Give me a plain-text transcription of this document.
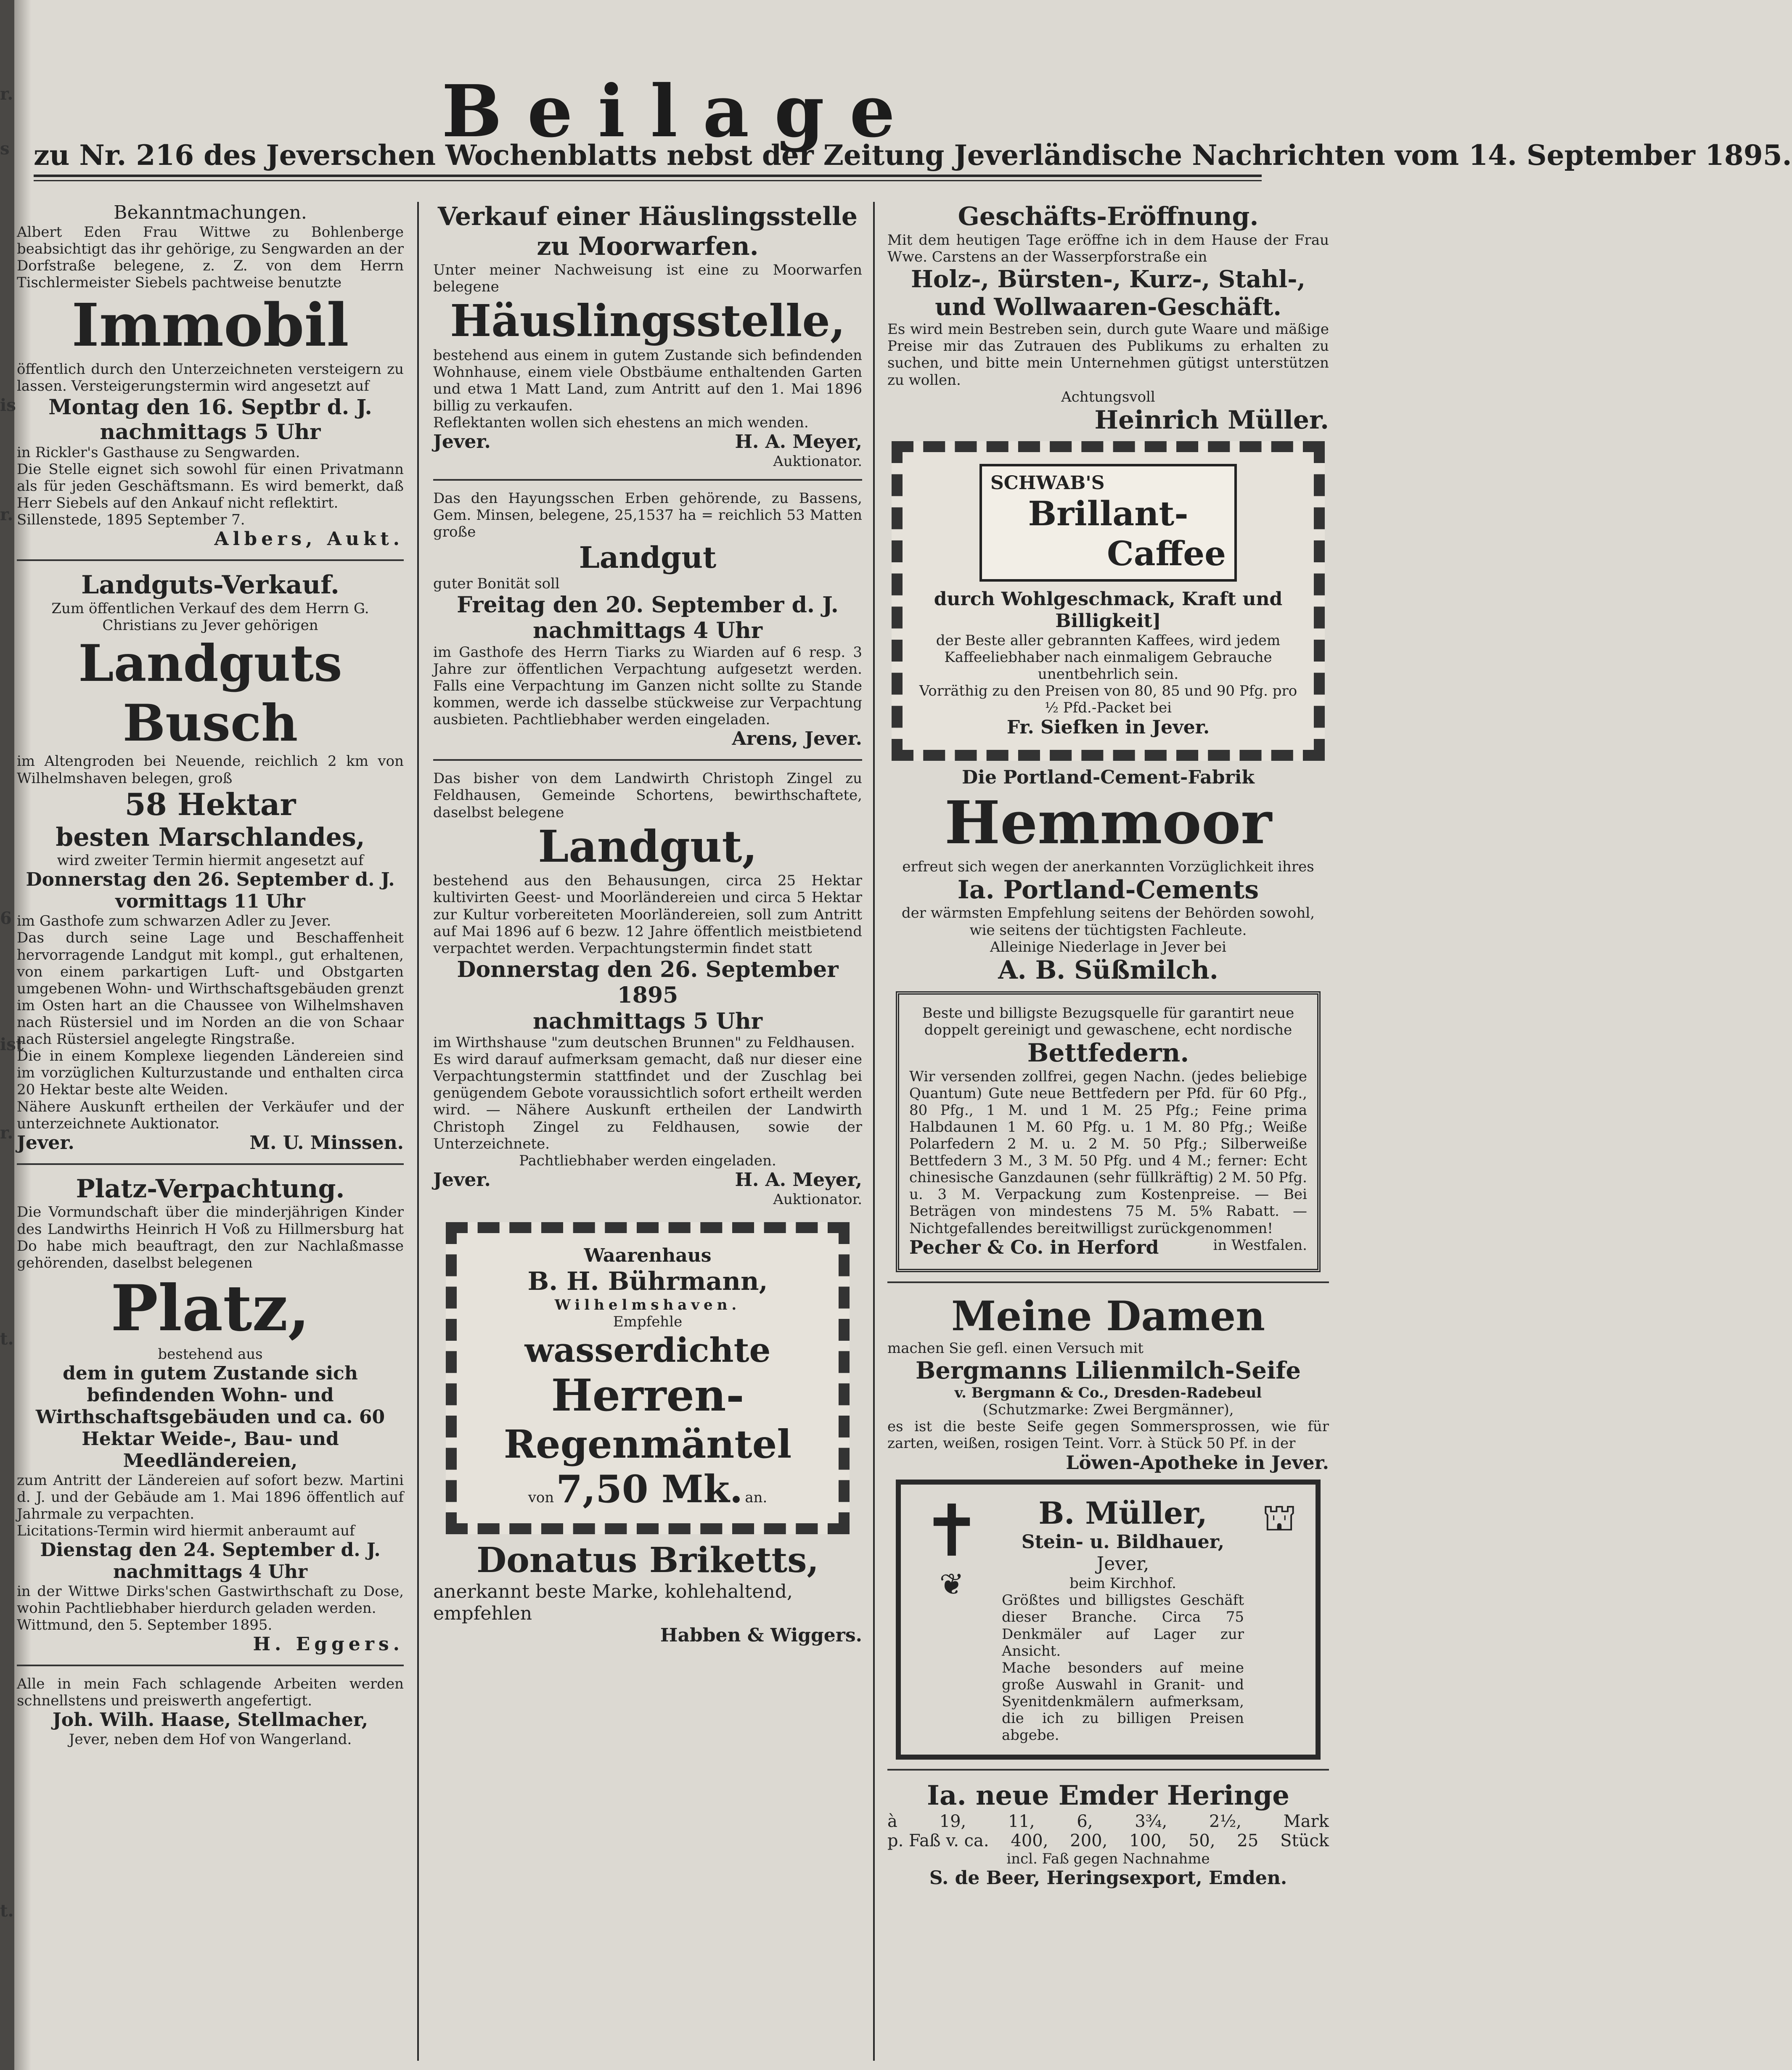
r.
s
is
r.
6
ist
r.
t.
t.
Beilage
zu Nr. 216 des Jeverschen Wochenblatts nebst der Zeitung Jeverländische Nachrichten vom 14. September 1895.
Bekanntmachungen.
Albert Eden Frau Wittwe zu Bohlenberge beabsichtigt das ihr gehörige, zu Sengwarden an der Dorfstraße belegene, z. Z. von dem Herrn Tischlermeister Siebels pachtweise benutzte
Immobil
öffentlich durch den Unterzeichneten versteigern zu lassen. Versteigerungstermin wird angesetzt auf
Montag den 16. Septbr d. J.
nachmittags 5 Uhr
in Rickler's Gasthause zu Sengwarden.
Die Stelle eignet sich sowohl für einen Privatmann als für jeden Geschäftsmann. Es wird bemerkt, daß Herr Siebels auf den Ankauf nicht reflektirt.
Sillenstede, 1895 September 7.
Albers, Aukt.
Landguts-Verkauf.
Zum öffentlichen Verkauf des dem Herrn G. Christians zu Jever gehörigen
Landguts Busch
im Altengroden bei Neuende, reichlich 2 km von Wilhelmshaven belegen, groß
58 Hektar
besten Marschlandes,
wird zweiter Termin hiermit angesetzt auf
Donnerstag den 26. September d. J.
vormittags 11 Uhr
im Gasthofe zum schwarzen Adler zu Jever.
Das durch seine Lage und Beschaffenheit hervorragende Landgut mit kompl., gut erhaltenen, von einem parkartigen Luft- und Obstgarten umgebenen Wohn- und Wirthschaftsgebäuden grenzt im Osten hart an die Chaussee von Wilhelmshaven nach Rüstersiel und im Norden an die von Schaar nach Rüstersiel angelegte Ringstraße.
Die in einem Komplexe liegenden Ländereien sind im vorzüglichen Kulturzustande und enthalten circa 20 Hektar beste alte Weiden.
Nähere Auskunft ertheilen der Verkäufer und der unterzeichnete Auktionator.
Jever.	M. U. Minssen.
Platz-Verpachtung.
Die Vormundschaft über die minderjährigen Kinder des Landwirths Heinrich H Voß zu Hillmersburg hat Do habe mich beauftragt, den zur Nachlaßmasse gehörenden, daselbst belegenen
Platz,
bestehend aus
dem in gutem Zustande sich befindenden Wohn- und Wirthschaftsgebäuden und ca. 60 Hektar Weide-, Bau- und Meedländereien,
zum Antritt der Ländereien auf sofort bezw. Martini d. J. und der Gebäude am 1. Mai 1896 öffentlich auf Jahrmale zu verpachten.
Licitations-Termin wird hiermit anberaumt auf
Dienstag den 24. September d. J.
nachmittags 4 Uhr
in der Wittwe Dirks'schen Gastwirthschaft zu Dose, wohin Pachtliebhaber hierdurch geladen werden.
Wittmund, den 5. September 1895.
H. Eggers.
Alle in mein Fach schlagende Arbeiten werden schnellstens und preiswerth angefertigt.
Joh. Wilh. Haase, Stellmacher,
Jever, neben dem Hof von Wangerland.
Verkauf einer Häuslingsstelle zu Moorwarfen.
Unter meiner Nachweisung ist eine zu Moorwarfen belegene
Häuslingsstelle,
bestehend aus einem in gutem Zustande sich befindenden Wohnhause, einem viele Obstbäume enthaltenden Garten und etwa 1 Matt Land, zum Antritt auf den 1. Mai 1896 billig zu verkaufen.
Reflektanten wollen sich ehestens an mich wenden.
Jever.	H. A. Meyer,
Auktionator.
Das den Hayungsschen Erben gehörende, zu Bassens, Gem. Minsen, belegene, 25,1537 ha = reichlich 53 Matten große
Landgut
guter Bonität soll
Freitag den 20. September d. J.
nachmittags 4 Uhr
im Gasthofe des Herrn Tiarks zu Wiarden auf 6 resp. 3 Jahre zur öffentlichen Verpachtung aufgesetzt werden. Falls eine Verpachtung im Ganzen nicht sollte zu Stande kommen, werde ich dasselbe stückweise zur Verpachtung ausbieten. Pachtliebhaber werden eingeladen.
Arens, Jever.
Das bisher von dem Landwirth Christoph Zingel zu Feldhausen, Gemeinde Schortens, bewirthschaftete, daselbst belegene
Landgut,
bestehend aus den Behausungen, circa 25 Hektar kultivirten Geest- und Moorländereien und circa 5 Hektar zur Kultur vorbereiteten Moorländereien, soll zum Antritt auf Mai 1896 auf 6 bezw. 12 Jahre öffentlich meistbietend verpachtet werden. Verpachtungstermin findet statt
Donnerstag den 26. September 1895
nachmittags 5 Uhr
im Wirthshause "zum deutschen Brunnen" zu Feldhausen.
Es wird darauf aufmerksam gemacht, daß nur dieser eine Verpachtungstermin stattfindet und der Zuschlag bei genügendem Gebote voraussichtlich sofort ertheilt werden wird. — Nähere Auskunft ertheilen der Landwirth Christoph Zingel zu Feldhausen, sowie der Unterzeichnete.
Pachtliebhaber werden eingeladen.
Jever.	H. A. Meyer,
Auktionator.
Waarenhaus
B. H. Bührmann,
Wilhelmshaven.
Empfehle
wasserdichte
Herren-
Regenmäntel
von 7,50 Mk. an.
Donatus Briketts,
anerkannt beste Marke, kohlehaltend, empfehlen
Habben & Wiggers.
Geschäfts-Eröffnung.
Mit dem heutigen Tage eröffne ich in dem Hause der Frau Wwe. Carstens an der Wasserpforstraße ein
Holz-, Bürsten-, Kurz-, Stahl-, und Wollwaaren-Geschäft.
Es wird mein Bestreben sein, durch gute Waare und mäßige Preise mir das Zutrauen des Publikums zu erhalten zu suchen, und bitte mein Unternehmen gütigst unterstützen zu wollen.
Achtungsvoll
Heinrich Müller.
SCHWAB'S
Brillant-
Caffee
durch Wohlgeschmack, Kraft und Billigkeit]
der Beste aller gebrannten Kaffees, wird jedem Kaffeeliebhaber nach einmaligem Gebrauche unentbehrlich sein.
Vorräthig zu den Preisen von 80, 85 und 90 Pfg. pro ½ Pfd.-Packet bei
Fr. Siefken in Jever.
Die Portland-Cement-Fabrik
Hemmoor
erfreut sich wegen der anerkannten Vorzüglichkeit ihres
Ia. Portland-Cements
der wärmsten Empfehlung seitens der Behörden sowohl, wie seitens der tüchtigsten Fachleute.
Alleinige Niederlage in Jever bei
A. B. Süßmilch.
Beste und billigste Bezugsquelle für garantirt neue doppelt gereinigt und gewaschene, echt nordische
Bettfedern.
Wir versenden zollfrei, gegen Nachn. (jedes beliebige Quantum) Gute neue Bettfedern per Pfd. für 60 Pfg., 80 Pfg., 1 M. und 1 M. 25 Pfg.; Feine prima Halbdaunen 1 M. 60 Pfg. u. 1 M. 80 Pfg.; Weiße Polarfedern 2 M. u. 2 M. 50 Pfg.; Silberweiße Bettfedern 3 M., 3 M. 50 Pfg. und 4 M.; ferner: Echt chinesische Ganzdaunen (sehr füllkräftig) 2 M. 50 Pfg. u. 3 M. Verpackung zum Kostenpreise. — Bei Beträgen von mindestens 75 M. 5% Rabatt. — Nichtgefallendes bereitwilligst zurückgenommen!
Pecher & Co. in Herford	in Westfalen.
Meine Damen
machen Sie gefl. einen Versuch mit
Bergmanns Lilienmilch-Seife
v. Bergmann & Co., Dresden-Radebeul
(Schutzmarke: Zwei Bergmänner),
es ist die beste Seife gegen Sommersprossen, wie für zarten, weißen, rosigen Teint. Vorr. à Stück 50 Pf. in der
Löwen-Apotheke in Jever.
✝
❦
B. Müller,
Stein- u. Bildhauer,
Jever,
beim Kirchhof.
Größtes und billigstes Geschäft dieser Branche. Circa 75 Denkmäler auf Lager zur Ansicht.
Mache besonders auf meine große Auswahl in Granit- und Syenitdenkmälern aufmerksam, die ich zu billigen Preisen abgebe.
⛫
Ia. neue Emder Heringe
à 19, 11, 6, 3¾, 2½, Mark
p. Faß v. ca. 400, 200, 100, 50, 25 Stück
incl. Faß gegen Nachnahme
S. de Beer, Heringsexport, Emden.
